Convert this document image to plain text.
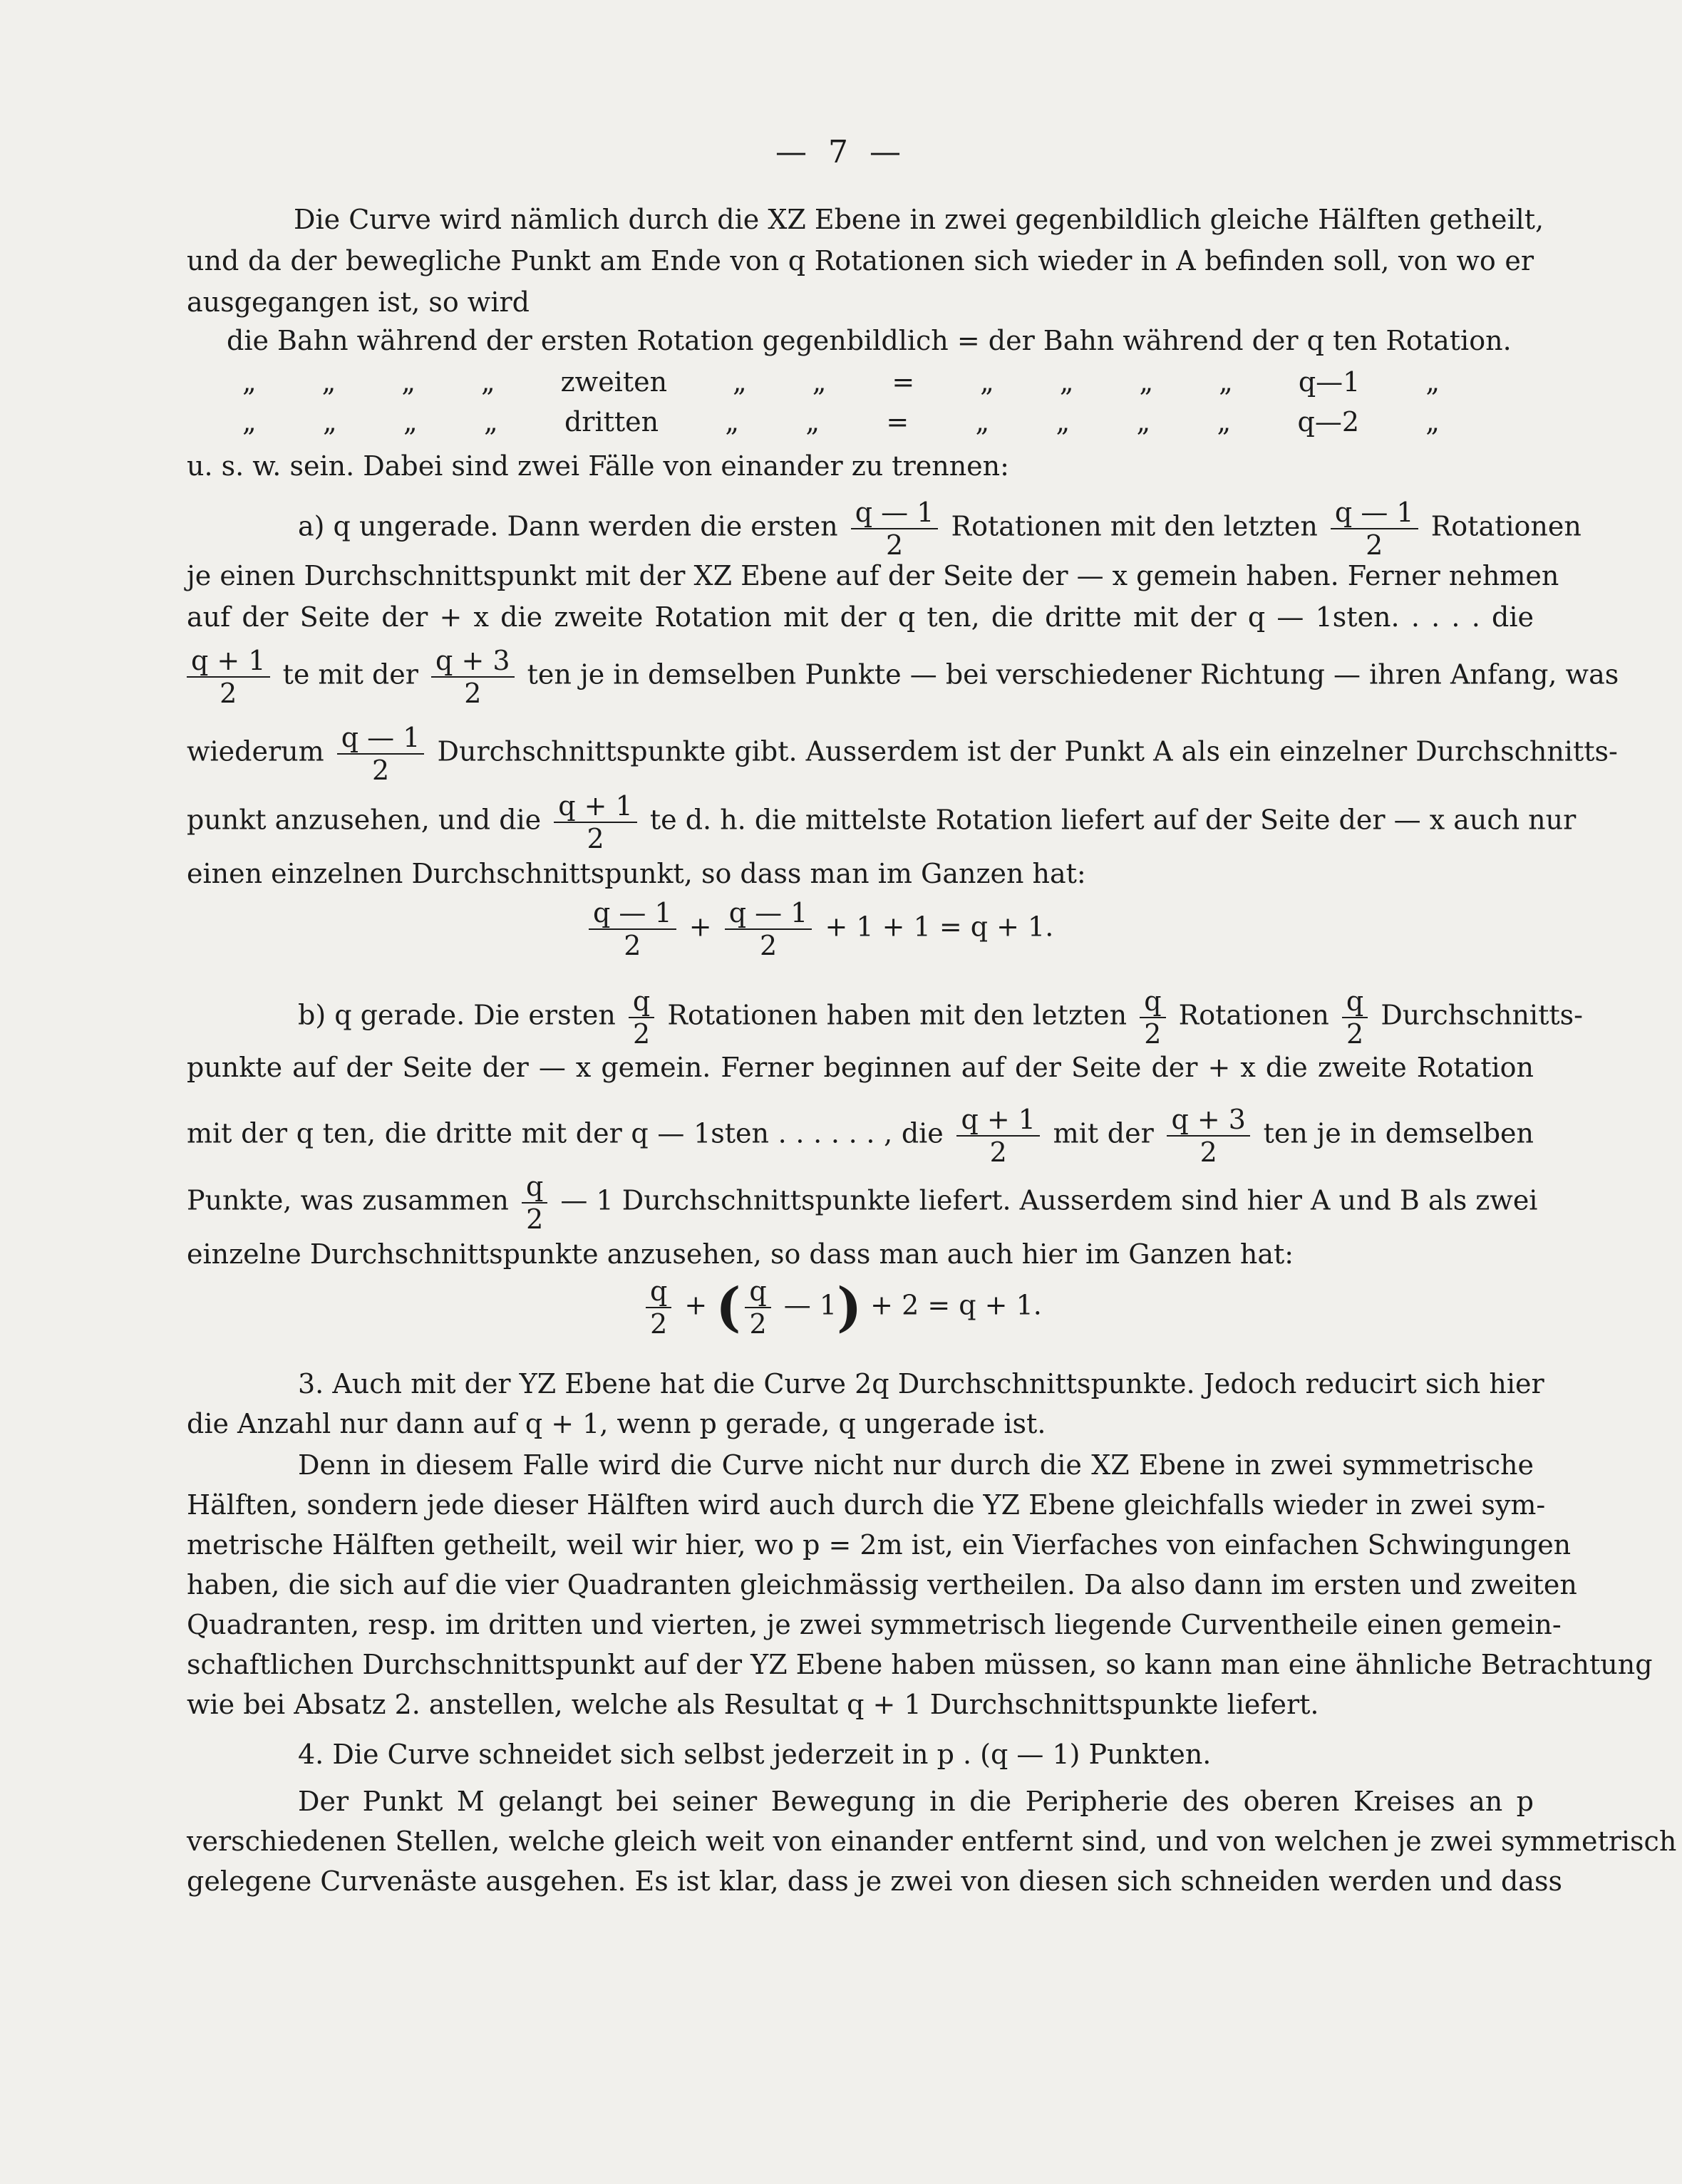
— 7 —
Die Curve wird nämlich durch die XZ Ebene in zwei gegenbildlich gleiche Hälften getheilt,
und da der bewegliche Punkt am Ende von q Rotationen sich wieder in A befinden soll, von wo er
ausgegangen ist, so wird
die Bahn während der ersten Rotation gegenbildlich = der Bahn während der q ten Rotation.
„ „ „ „ zweiten „ „ = „ „ „ „ q—1 „
„ „ „ „ dritten „ „ = „ „ „ „ q—2 „
u. s. w. sein. Dabei sind zwei Fälle von einander zu trennen:
a) q ungerade. Dann werden die ersten $\frac{q — 1}{2}$ Rotationen mit den letzten $\frac{q — 1}{2}$ Rotationen
je einen Durchschnittspunkt mit der XZ Ebene auf der Seite der — x gemein haben. Ferner nehmen
auf der Seite der + x die zweite Rotation mit der q ten, die dritte mit der q — 1sten. . . . . die
$\frac{q + 1}{2}$ te mit der $\frac{q + 3}{2}$ ten je in demselben Punkte — bei verschiedener Richtung — ihren Anfang, was
wiederum $\frac{q — 1}{2}$ Durchschnittspunkte gibt. Ausserdem ist der Punkt A als ein einzelner Durchschnitts-
punkt anzusehen, und die $\frac{q + 1}{2}$ te d. h. die mittelste Rotation liefert auf der Seite der — x auch nur
einen einzelnen Durchschnittspunkt, so dass man im Ganzen hat:
$\frac{q — 1}{2} + \frac{q — 1}{2} + 1 + 1 = q + 1$.
b) q gerade. Die ersten $\frac{q}{2}$ Rotationen haben mit den letzten $\frac{q}{2}$ Rotationen $\frac{q}{2}$ Durchschnitts-
punkte auf der Seite der — x gemein. Ferner beginnen auf der Seite der + x die zweite Rotation
mit der q ten, die dritte mit der q — 1sten . . . . . . , die $\frac{q + 1}{2}$ mit der $\frac{q + 3}{2}$ ten je in demselben
Punkte, was zusammen $\frac{q}{2}$ — 1 Durchschnittspunkte liefert. Ausserdem sind hier A und B als zwei
einzelne Durchschnittspunkte anzusehen, so dass man auch hier im Ganzen hat:
$\frac{q}{2}$ + ( $\frac{q}{2}$ — 1) + 2 = q + 1.
3. Auch mit der YZ Ebene hat die Curve 2q Durchschnittspunkte. Jedoch reducirt sich hier
die Anzahl nur dann auf q + 1, wenn p gerade, q ungerade ist.
Denn in diesem Falle wird die Curve nicht nur durch die XZ Ebene in zwei symmetrische
Hälften, sondern jede dieser Hälften wird auch durch die YZ Ebene gleichfalls wieder in zwei sym-
metrische Hälften getheilt, weil wir hier, wo p = 2m ist, ein Vierfaches von einfachen Schwingungen
haben, die sich auf die vier Quadranten gleichmässig vertheilen. Da also dann im ersten und zweiten
Quadranten, resp. im dritten und vierten, je zwei symmetrisch liegende Curventheile einen gemein-
schaftlichen Durchschnittspunkt auf der YZ Ebene haben müssen, so kann man eine ähnliche Betrachtung
wie bei Absatz 2. anstellen, welche als Resultat q + 1 Durchschnittspunkte liefert.
4. Die Curve schneidet sich selbst jederzeit in p . (q — 1) Punkten.
Der Punkt M gelangt bei seiner Bewegung in die Peripherie des oberen Kreises an p
verschiedenen Stellen, welche gleich weit von einander entfernt sind, und von welchen je zwei symmetrisch
gelegene Curvenäste ausgehen. Es ist klar, dass je zwei von diesen sich schneiden werden und dass
